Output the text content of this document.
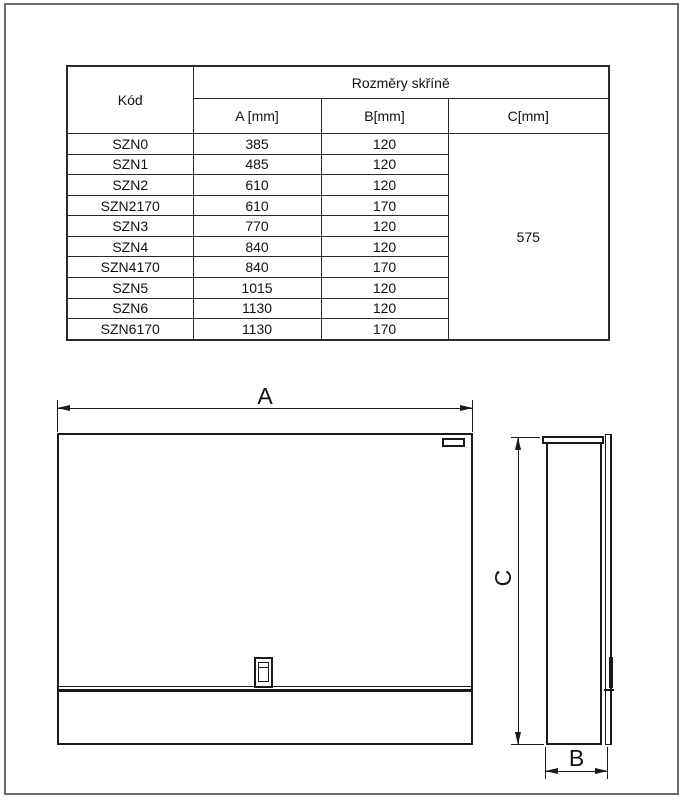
Kód	Rozměry skříně		
	A [mm]	B[mm]	C[mm]
SZN0	385	120	575
SZN1	485	120	
SZN2	610	120	
SZN2170	610	170	
SZN3	770	120	
SZN4	840	120	
SZN4170	840	170	
SZN5	1015	120	
SZN6	1130	120	
SZN6170	1130	170	
A
C
B
